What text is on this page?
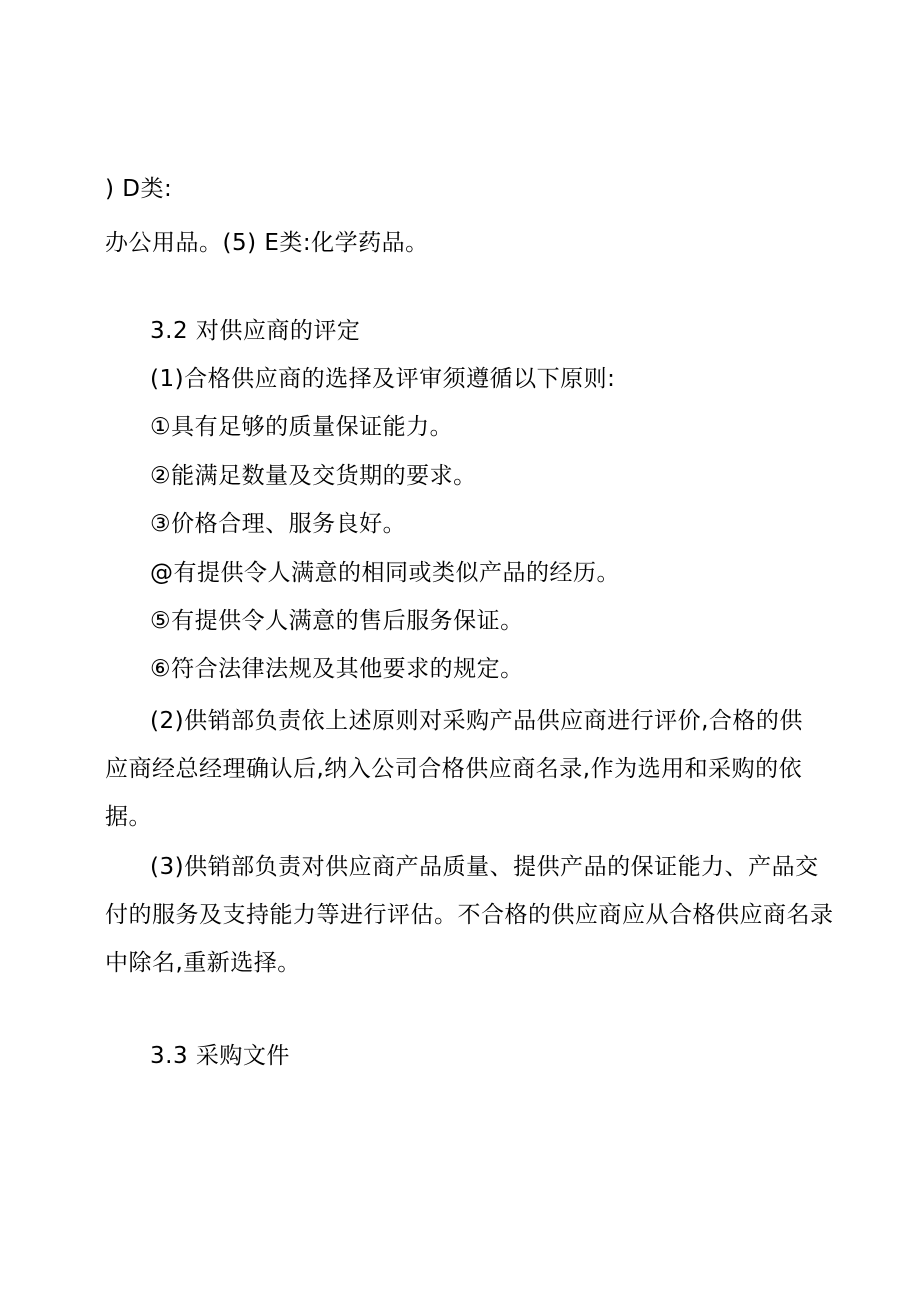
) D类:
办公用品。(5) E类:化学药品。
3.2 对供应商的评定
(1)合格供应商的选择及评审须遵循以下原则:
①具有足够的质量保证能力。
②能满足数量及交货期的要求。
③价格合理、服务良好。
@有提供令人满意的相同或类似产品的经历。
⑤有提供令人满意的售后服务保证。
⑥符合法律法规及其他要求的规定。
(2)供销部负责依上述原则对采购产品供应商进行评价,合格的供
应商经总经理确认后,纳入公司合格供应商名录,作为选用和采购的依
据。
(3)供销部负责对供应商产品质量、提供产品的保证能力、产品交
付的服务及支持能力等进行评估。不合格的供应商应从合格供应商名录
中除名,重新选择。
3.3 采购文件
